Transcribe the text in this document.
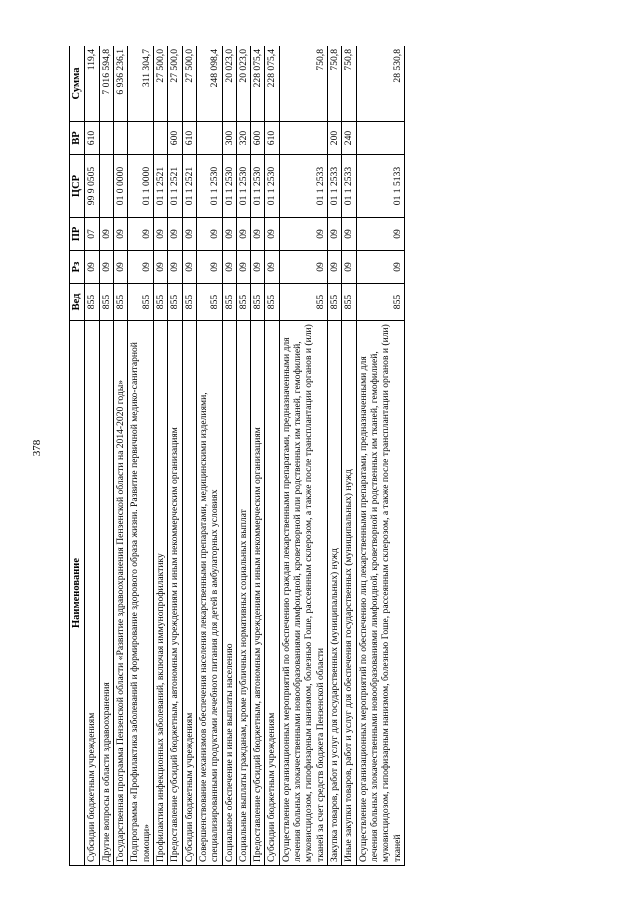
378
Наименование	Вед	Рз	ПР	ЦСР	ВР	Сумма
Субсидии бюджетным учреждениям	855	09	07	99 9 0505	610	119,4
Другие вопросы в области здравоохранения	855	09	09			7 016 594,8
Государственная программа Пензенской области «Развитие здравоохранения Пензенской области на 2014-2020 годы»	855	09	09	01 0 0000		6 936 236,1
Подпрограмма «Профилактика заболеваний и формирование здорового образа жизни. Развитие первичной медико-санитарной помощи»	855	09	09	01 1 0000		311 304,7
Профилактика инфекционных заболеваний, включая иммунопрофилактику	855	09	09	01 1 2521		27 500,0
Предоставление субсидий бюджетным, автономным учреждениям и иным некоммерческим организациям	855	09	09	01 1 2521	600	27 500,0
Субсидии бюджетным учреждениям	855	09	09	01 1 2521	610	27 500,0
Совершенствование механизмов обеспечения населения лекарственными препаратами, медицинскими изделиями, специализированными продуктами лечебного питания для детей в амбулаторных условиях	855	09	09	01 1 2530		248 098,4
Социальное обеспечение и иные выплаты населению	855	09	09	01 1 2530	300	20 023,0
Социальные выплаты гражданам, кроме публичных нормативных социальных выплат	855	09	09	01 1 2530	320	20 023,0
Предоставление субсидий бюджетным, автономным учреждениям и иным некоммерческим организациям	855	09	09	01 1 2530	600	228 075,4
Субсидии бюджетным учреждениям	855	09	09	01 1 2530	610	228 075,4
Осуществление организационных мероприятий по обеспечению граждан лекарственными препаратами, предназначенными для лечения больных злокачественными новообразованиями лимфоидной, кроветворной или родственных им тканей, гемофилией, муковисцидозом, гипофизарным нанизмом, болезнью Гоше, рассеянным склерозом, а также после трансплантации органов и (или) тканей за счет средств бюджета Пензенской области	855	09	09	01 1 2533		750,8
Закупка товаров, работ и услуг для государственных (муниципальных) нужд	855	09	09	01 1 2533	200	750,8
Иные закупки товаров, работ и услуг для обеспечения государственных (муниципальных) нужд	855	09	09	01 1 2533	240	750,8
Осуществление организационных мероприятий по обеспечению лиц лекарственными препаратами, предназначенными для лечения больных злокачественными новообразованиями лимфоидной, кроветворной и родственных им тканей, гемофилией, муковисцидозом, гипофизарным нанизмом, болезнью Гоше, рассеянным склерозом, а также после трансплантации органов и (или) тканей	855	09	09	01 1 5133		28 530,8
